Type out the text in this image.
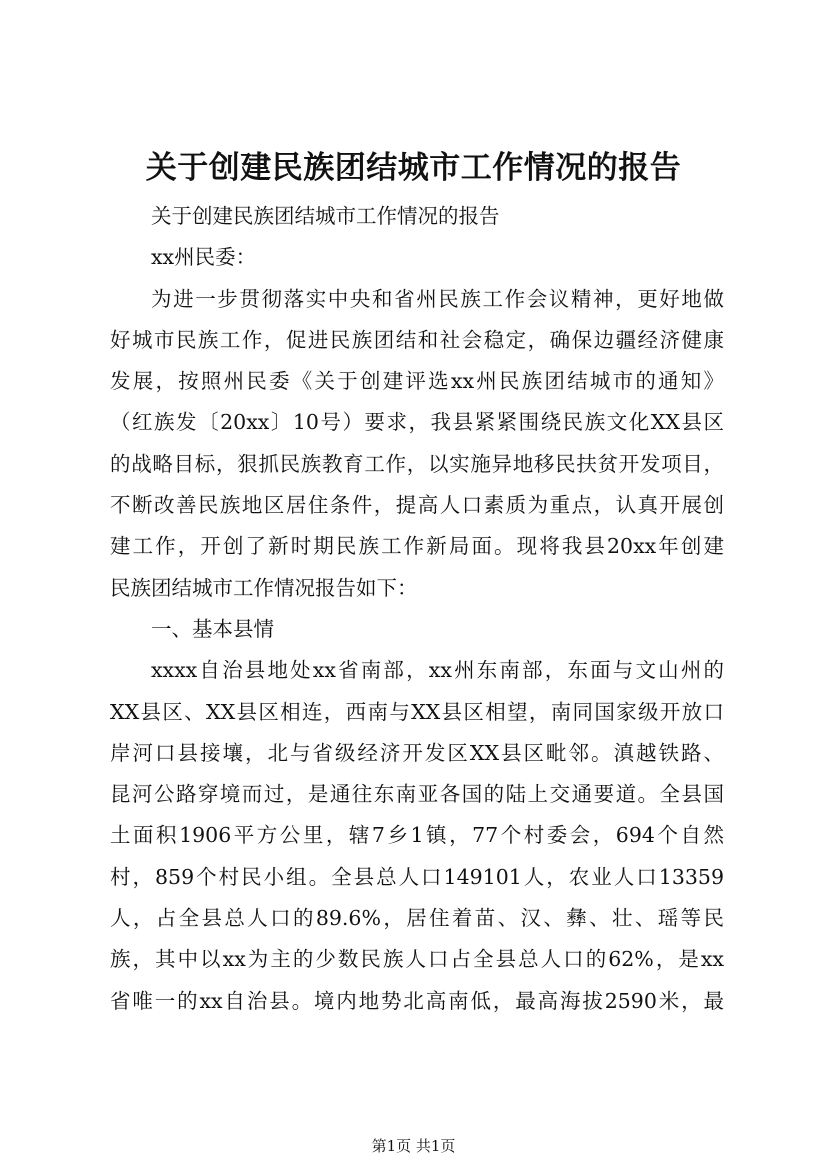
关于创建民族团结城市工作情况的报告
关于创建民族团结城市工作情况的报告
xx州民委：
为进一步贯彻落实中央和省州民族工作会议精神，更好地做
好城市民族工作，促进民族团结和社会稳定，确保边疆经济健康
发展，按照州民委《关于创建评选xx州民族团结城市的通知》
（红族发〔20xx〕10号）要求，我县紧紧围绕民族文化XX县区
的战略目标，狠抓民族教育工作，以实施异地移民扶贫开发项目，
不断改善民族地区居住条件，提高人口素质为重点，认真开展创
建工作，开创了新时期民族工作新局面。现将我县20xx年创建
民族团结城市工作情况报告如下：
一、基本县情
xxxx自治县地处xx省南部，xx州东南部，东面与文山州的
XX县区、XX县区相连，西南与XX县区相望，南同国家级开放口
岸河口县接壤，北与省级经济开发区XX县区毗邻。滇越铁路、
昆河公路穿境而过，是通往东南亚各国的陆上交通要道。全县国
土面积1906平方公里，辖7乡1镇，77个村委会，694个自然
村，859个村民小组。全县总人口149101人，农业人口13359
人，占全县总人口的89.6%，居住着苗、汉、彝、壮、瑶等民
族，其中以xx为主的少数民族人口占全县总人口的62%，是xx
省唯一的xx自治县。境内地势北高南低，最高海拔2590米，最
第1页 共1页
